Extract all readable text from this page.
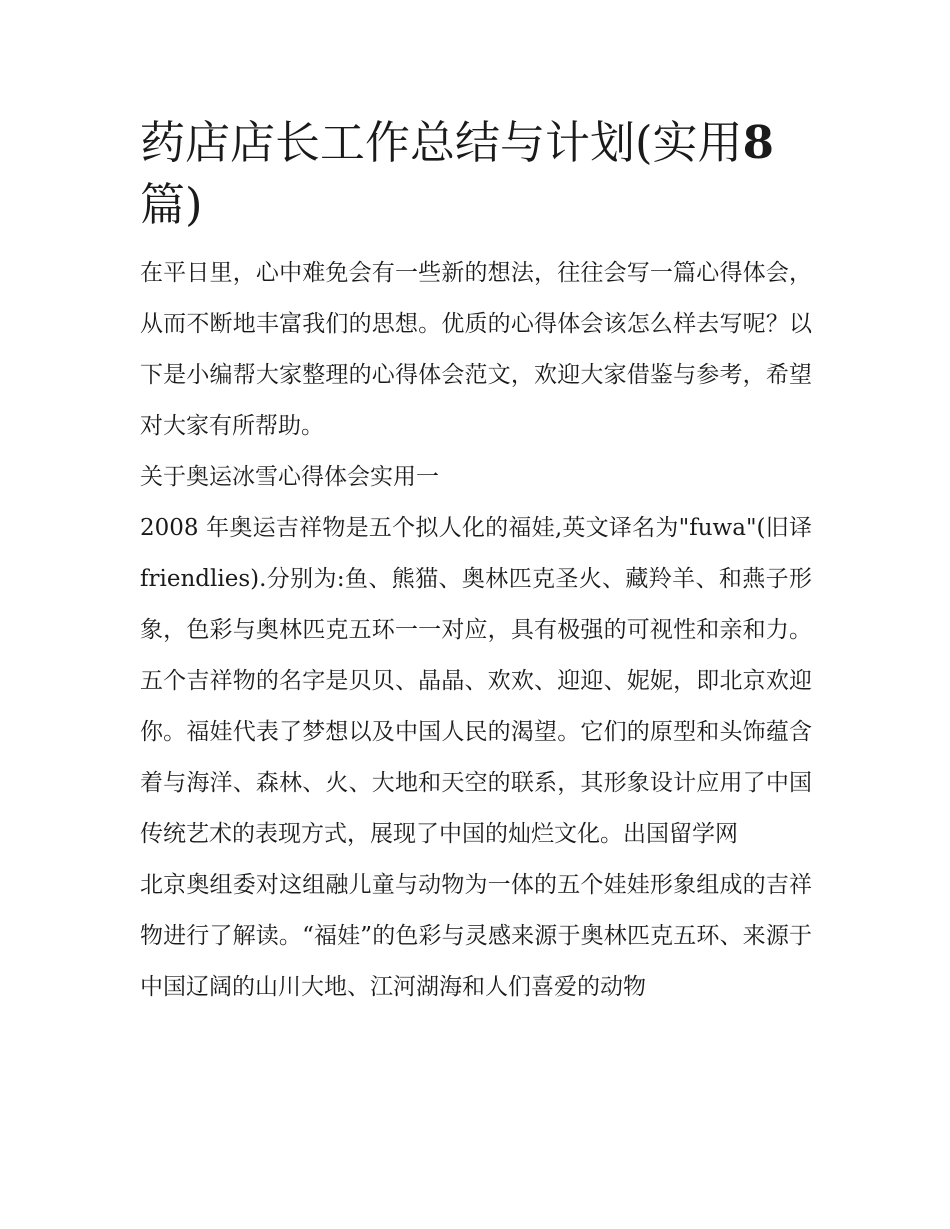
药店店长工作总结与计划(实用8 篇)

在平日里，心中难免会有一些新的想法，往往会写一篇心得体会，从而不断地丰富我们的思想。优质的心得体会该怎么样去写呢？以下是小编帮大家整理的心得体会范文，欢迎大家借鉴与参考，希望对大家有所帮助。

关于奥运冰雪心得体会实用一

2008 年奥运吉祥物是五个拟人化的福娃,英文译名为"fuwa"(旧译 friendlies).分别为:鱼、熊猫、奥林匹克圣火、藏羚羊、和燕子形象，色彩与奥林匹克五环一一对应，具有极强的可视性和亲和力。五个吉祥物的名字是贝贝、晶晶、欢欢、迎迎、妮妮，即北京欢迎你。福娃代表了梦想以及中国人民的渴望。它们的原型和头饰蕴含着与海洋、森林、火、大地和天空的联系，其形象设计应用了中国传统艺术的表现方式，展现了中国的灿烂文化。出国留学网

北京奥组委对这组融儿童与动物为一体的五个娃娃形象组成的吉祥物进行了解读。“福娃”的色彩与灵感来源于奥林匹克五环、来源于中国辽阔的山川大地、江河湖海和人们喜爱的动物
